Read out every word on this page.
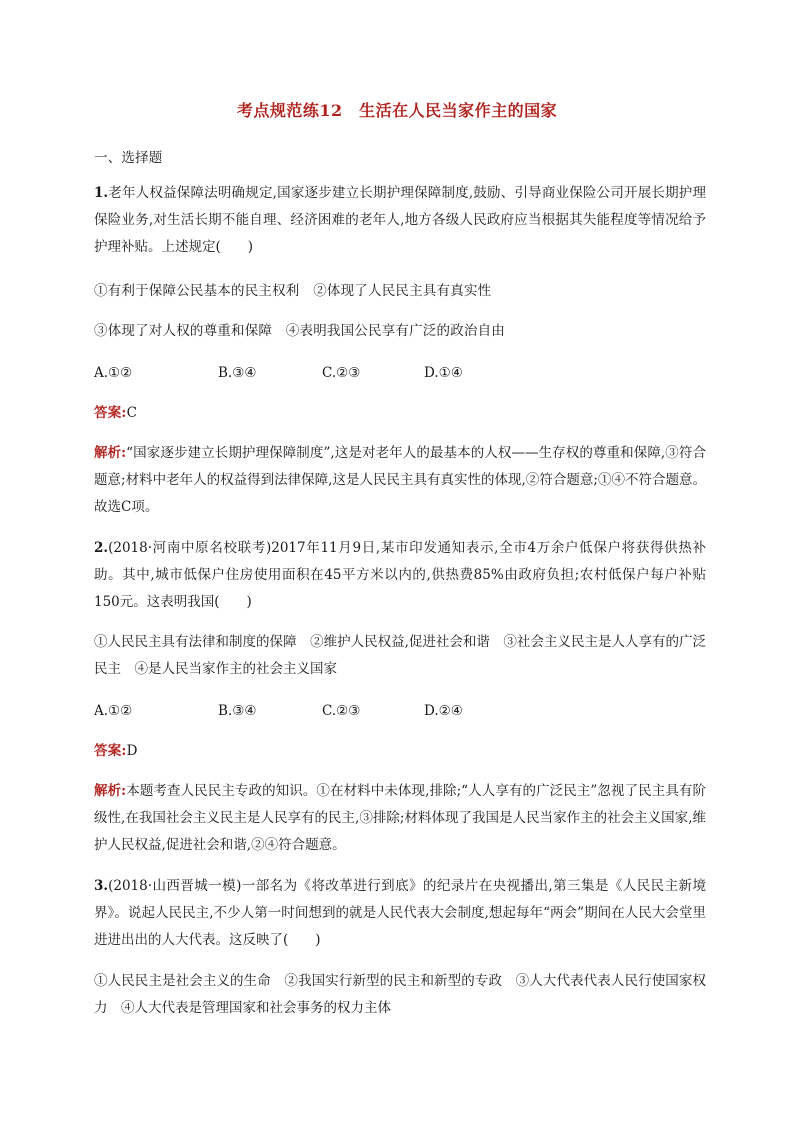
考点规范练12　生活在人民当家作主的国家
一、选择题
1.老年人权益保障法明确规定,国家逐步建立长期护理保障制度,鼓励、引导商业保险公司开展长期护理保险业务,对生活长期不能自理、经济困难的老年人,地方各级人民政府应当根据其失能程度等情况给予护理补贴。上述规定(　　)
①有利于保障公民基本的民主权利　②体现了人民民主具有真实性
③体现了对人权的尊重和保障　④表明我国公民享有广泛的政治自由
A.①②	B.③④	C.②③	D.①④
答案:C
解析:“国家逐步建立长期护理保障制度”,这是对老年人的最基本的人权——生存权的尊重和保障,③符合题意;材料中老年人的权益得到法律保障,这是人民民主具有真实性的体现,②符合题意;①④不符合题意。故选C项。
2.(2018·河南中原名校联考)2017年11月9日,某市印发通知表示,全市4万余户低保户将获得供热补助。其中,城市低保户住房使用面积在45平方米以内的,供热费85%由政府负担;农村低保户每户补贴150元。这表明我国(　　)
①人民民主具有法律和制度的保障　②维护人民权益,促进社会和谐　③社会主义民主是人人享有的广泛民主　④是人民当家作主的社会主义国家
A.①②	B.③④	C.②③	D.②④
答案:D
解析:本题考查人民民主专政的知识。①在材料中未体现,排除;“人人享有的广泛民主”忽视了民主具有阶级性,在我国社会主义民主是人民享有的民主,③排除;材料体现了我国是人民当家作主的社会主义国家,维护人民权益,促进社会和谐,②④符合题意。
3.(2018·山西晋城一模)一部名为《将改革进行到底》的纪录片在央视播出,第三集是《人民民主新境界》。说起人民民主,不少人第一时间想到的就是人民代表大会制度,想起每年“两会”期间在人民大会堂里进进出出的人大代表。这反映了(　　)
①人民民主是社会主义的生命　②我国实行新型的民主和新型的专政　③人大代表代表人民行使国家权力　④人大代表是管理国家和社会事务的权力主体
